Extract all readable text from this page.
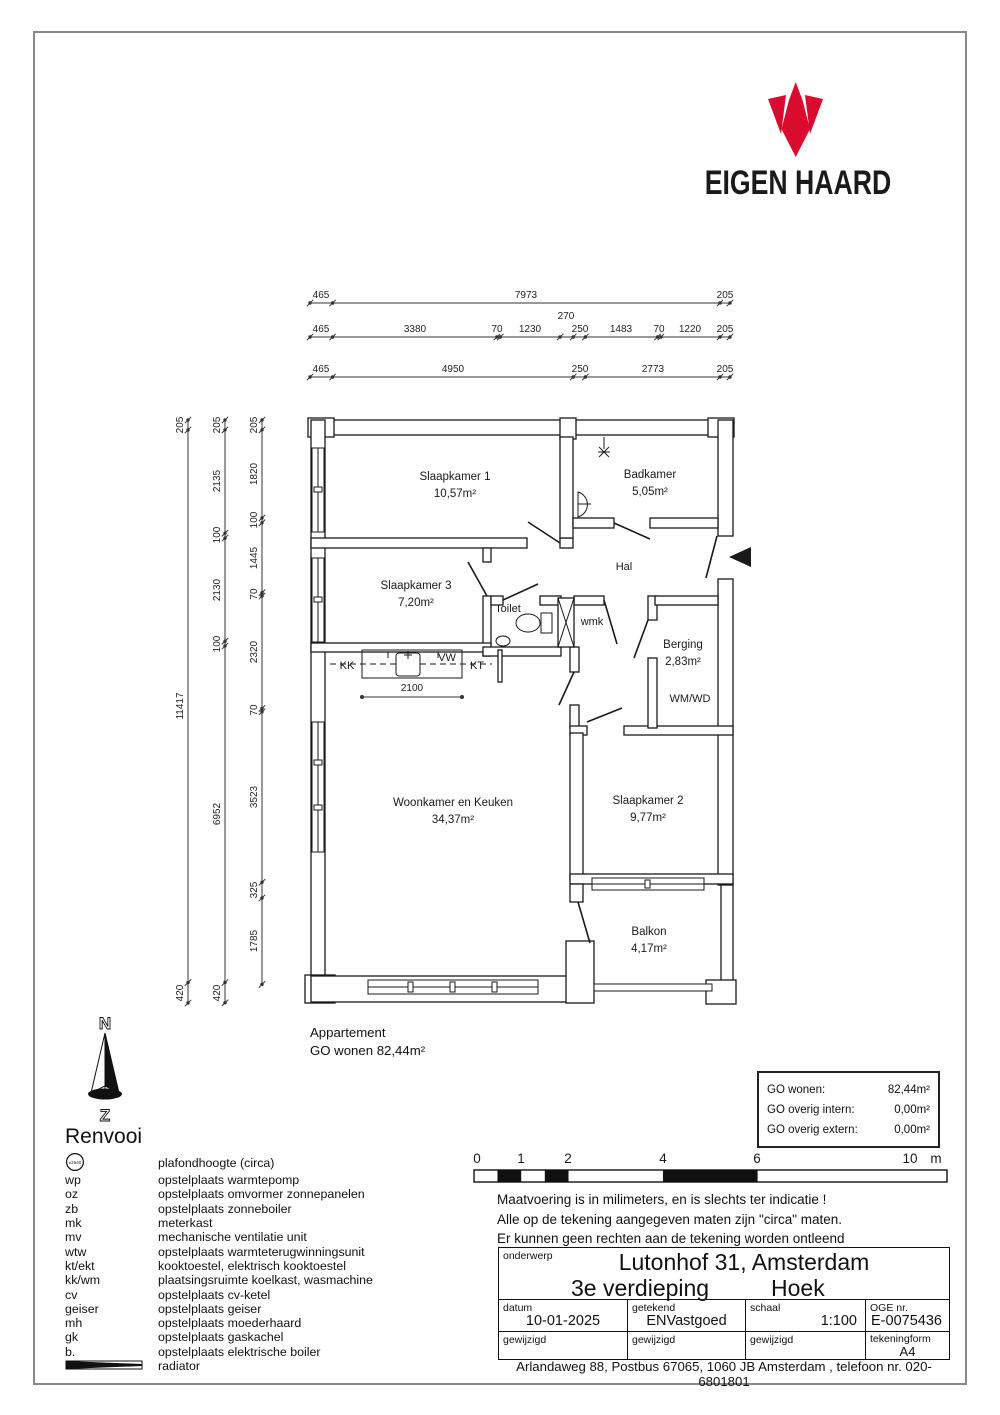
EIGEN HAARD
465	7973	205
465	3380	70 1230
270
250 1483 70 1220 205
465	4950	250	2773	205
205
11417
420
205
2135
100
2130
100
6952
420
205
1820
100
1445
70
2320
70
3523
325
1785
2100
Slaapkamer 1
10,57m²
Badkamer
5,05m²
Hal
Slaapkamer 3
7,20m²	Toilet
wmk
Berging
2,83m²
WM/WD
KK
VW
KT
Woonkamer en Keuken
34,37m²
Slaapkamer 2
9,77m²
Balkon
4,17m²
N
Z
0	1	2	4	6	10 m
Appartement
GO wonen 82,44m²
GO wonen:	82,44m²
GO overig intern:	0,00m²
GO overig extern:	0,00m²
Renvooi
±2540	plafondhoogte (circa)
wp	opstelplaats warmtepomp
oz	opstelplaats omvormer zonnepanelen
zb	opstelplaats zonneboiler
mk	meterkast
mv	mechanische ventilatie unit
wtw	opstelplaats warmteterugwinningsunit
kt/ekt	kooktoestel, elektrisch kooktoestel
kk/wm	plaatsingsruimte koelkast, wasmachine
cv	opstelplaats cv-ketel
geiser	opstelplaats geiser
mh	opstelplaats moederhaard
gk	opstelplaats gaskachel
b.	opstelplaats elektrische boiler
radiator
Maatvoering is in milimeters, en is slechts ter indicatie !
Alle op de tekening aangegeven maten zijn "circa" maten.
Er kunnen geen rechten aan de tekening worden ontleend
onderwerp	Lutonhof 31, Amsterdam
3e verdieping	Hoek
datum
10-01-2025
getekend
ENVastgoed
schaal
1:100
OGE nr.
E-0075436
gewijzigd	gewijzigd	gewijzigd	tekeningform
A4
Arlandaweg 88, Postbus 67065, 1060 JB Amsterdam , telefoon nr. 020-6801801
